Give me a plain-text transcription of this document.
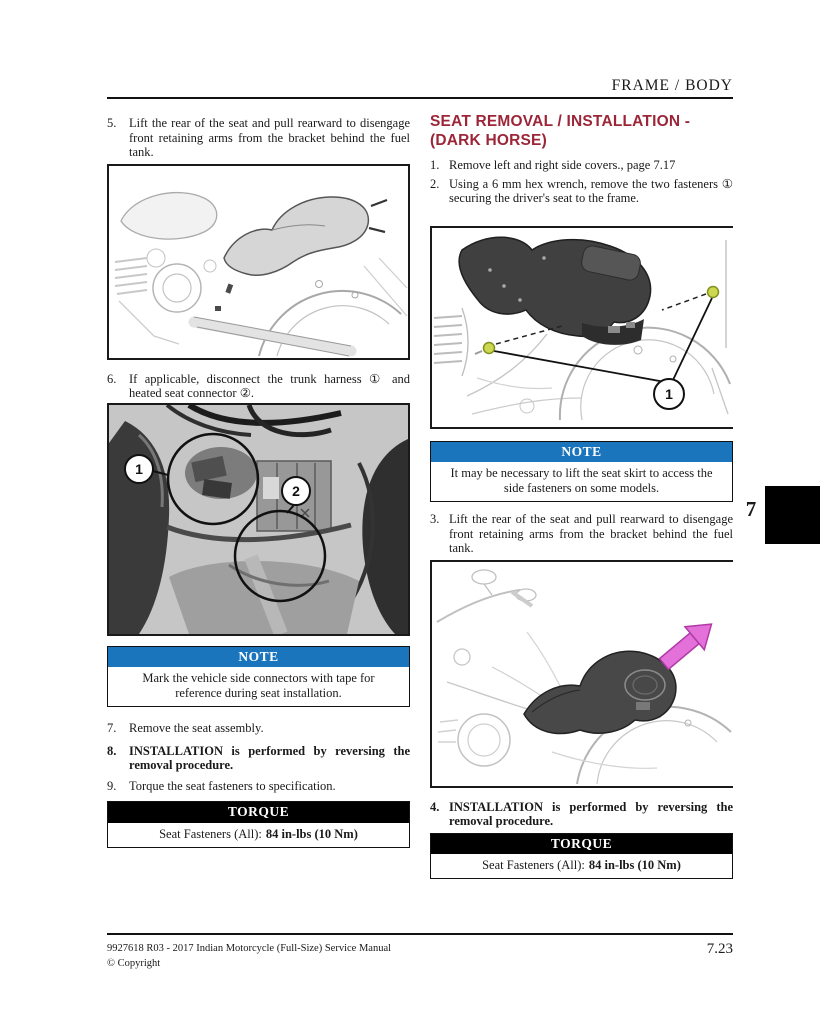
FRAME / BODY
7
5.	Lift the rear of the seat and pull rearward to disengage front retaining arms from the bracket behind the fuel tank.
6.	If applicable, disconnect the trunk harness ① and heated seat connector ②.
1
2
NOTE
Mark the vehicle side connectors with tape for reference during seat installation.
7.	Remove the seat assembly.
8.	INSTALLATION is performed by reversing the removal procedure.
9.	Torque the seat fasteners to specification.
TORQUE
Seat Fasteners (All): 84 in-lbs (10 Nm)
SEAT REMOVAL / INSTALLATION - (DARK HORSE)
1. Remove left and right side covers., page 7.17
2. Using a 6 mm hex wrench, remove the two fasteners ① securing the driver's seat to the frame.
1
NOTE
It may be necessary to lift the seat skirt to access the side fasteners on some models.
3. Lift the rear of the seat and pull rearward to disengage front retaining arms from the bracket behind the fuel tank.
4. INSTALLATION is performed by reversing the removal procedure.
TORQUE
Seat Fasteners (All): 84 in-lbs (10 Nm)
9927618 R03 - 2017 Indian Motorcycle (Full-Size) Service Manual
© Copyright
7.23
